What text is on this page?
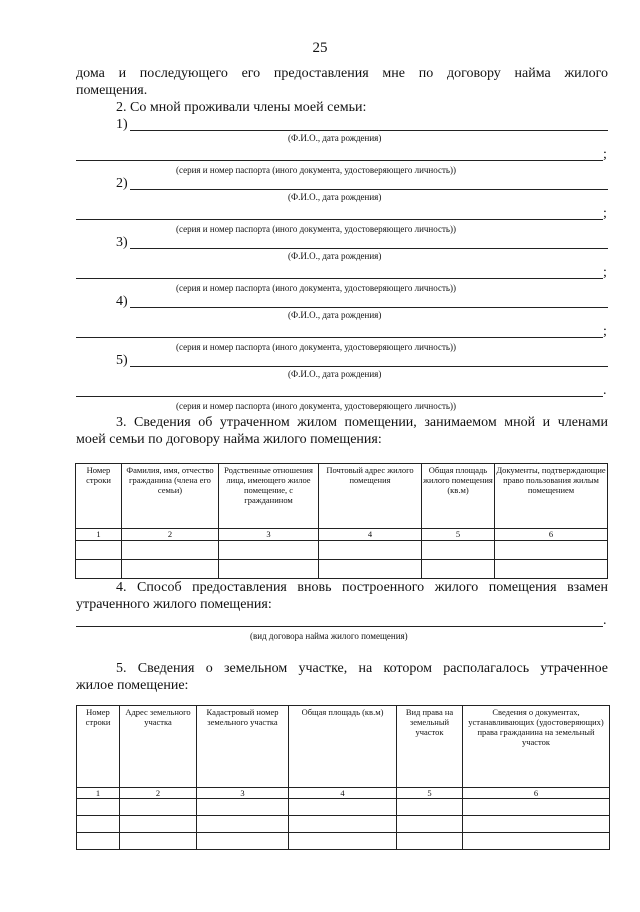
25
дома и последующего его предоставления мне по договору найма жилого
помещения.
2. Со мной проживали члены моей семьи:
1)
(Ф.И.О., дата рождения)
;
(серия и номер паспорта (иного документа, удостоверяющего личность))
2)
(Ф.И.О., дата рождения)
;
(серия и номер паспорта (иного документа, удостоверяющего личность))
3)
(Ф.И.О., дата рождения)
;
(серия и номер паспорта (иного документа, удостоверяющего личность))
4)
(Ф.И.О., дата рождения)
;
(серия и номер паспорта (иного документа, удостоверяющего личность))
5)
(Ф.И.О., дата рождения)
.
(серия и номер паспорта (иного документа, удостоверяющего личность))
3. Сведения об утраченном жилом помещении, занимаемом мной и членами
моей семьи по договору найма жилого помещения:
Номер строки	Фамилия, имя, отчество гражданина (члена его семьи)	Родственные отношения лица, имеющего жилое помещение, с гражданином	Почтовый адрес жилого помещения	Общая площадь жилого помещения (кв.м)	Документы, подтверждающие право пользования жилым помещением
1	2	3	4	5	6

4. Способ предоставления вновь построенного жилого помещения взамен
утраченного жилого помещения:
.
(вид договора найма жилого помещения)
5. Сведения о земельном участке, на котором располагалось утраченное
жилое помещение:
Номер строки	Адрес земельного участка	Кадастровый номер земельного участка	Общая площадь (кв.м)	Вид права на земельный участок	Сведения о документах, устанавливающих (удостоверяющих) права гражданина на земельный участок
1	2	3	4	5	6
